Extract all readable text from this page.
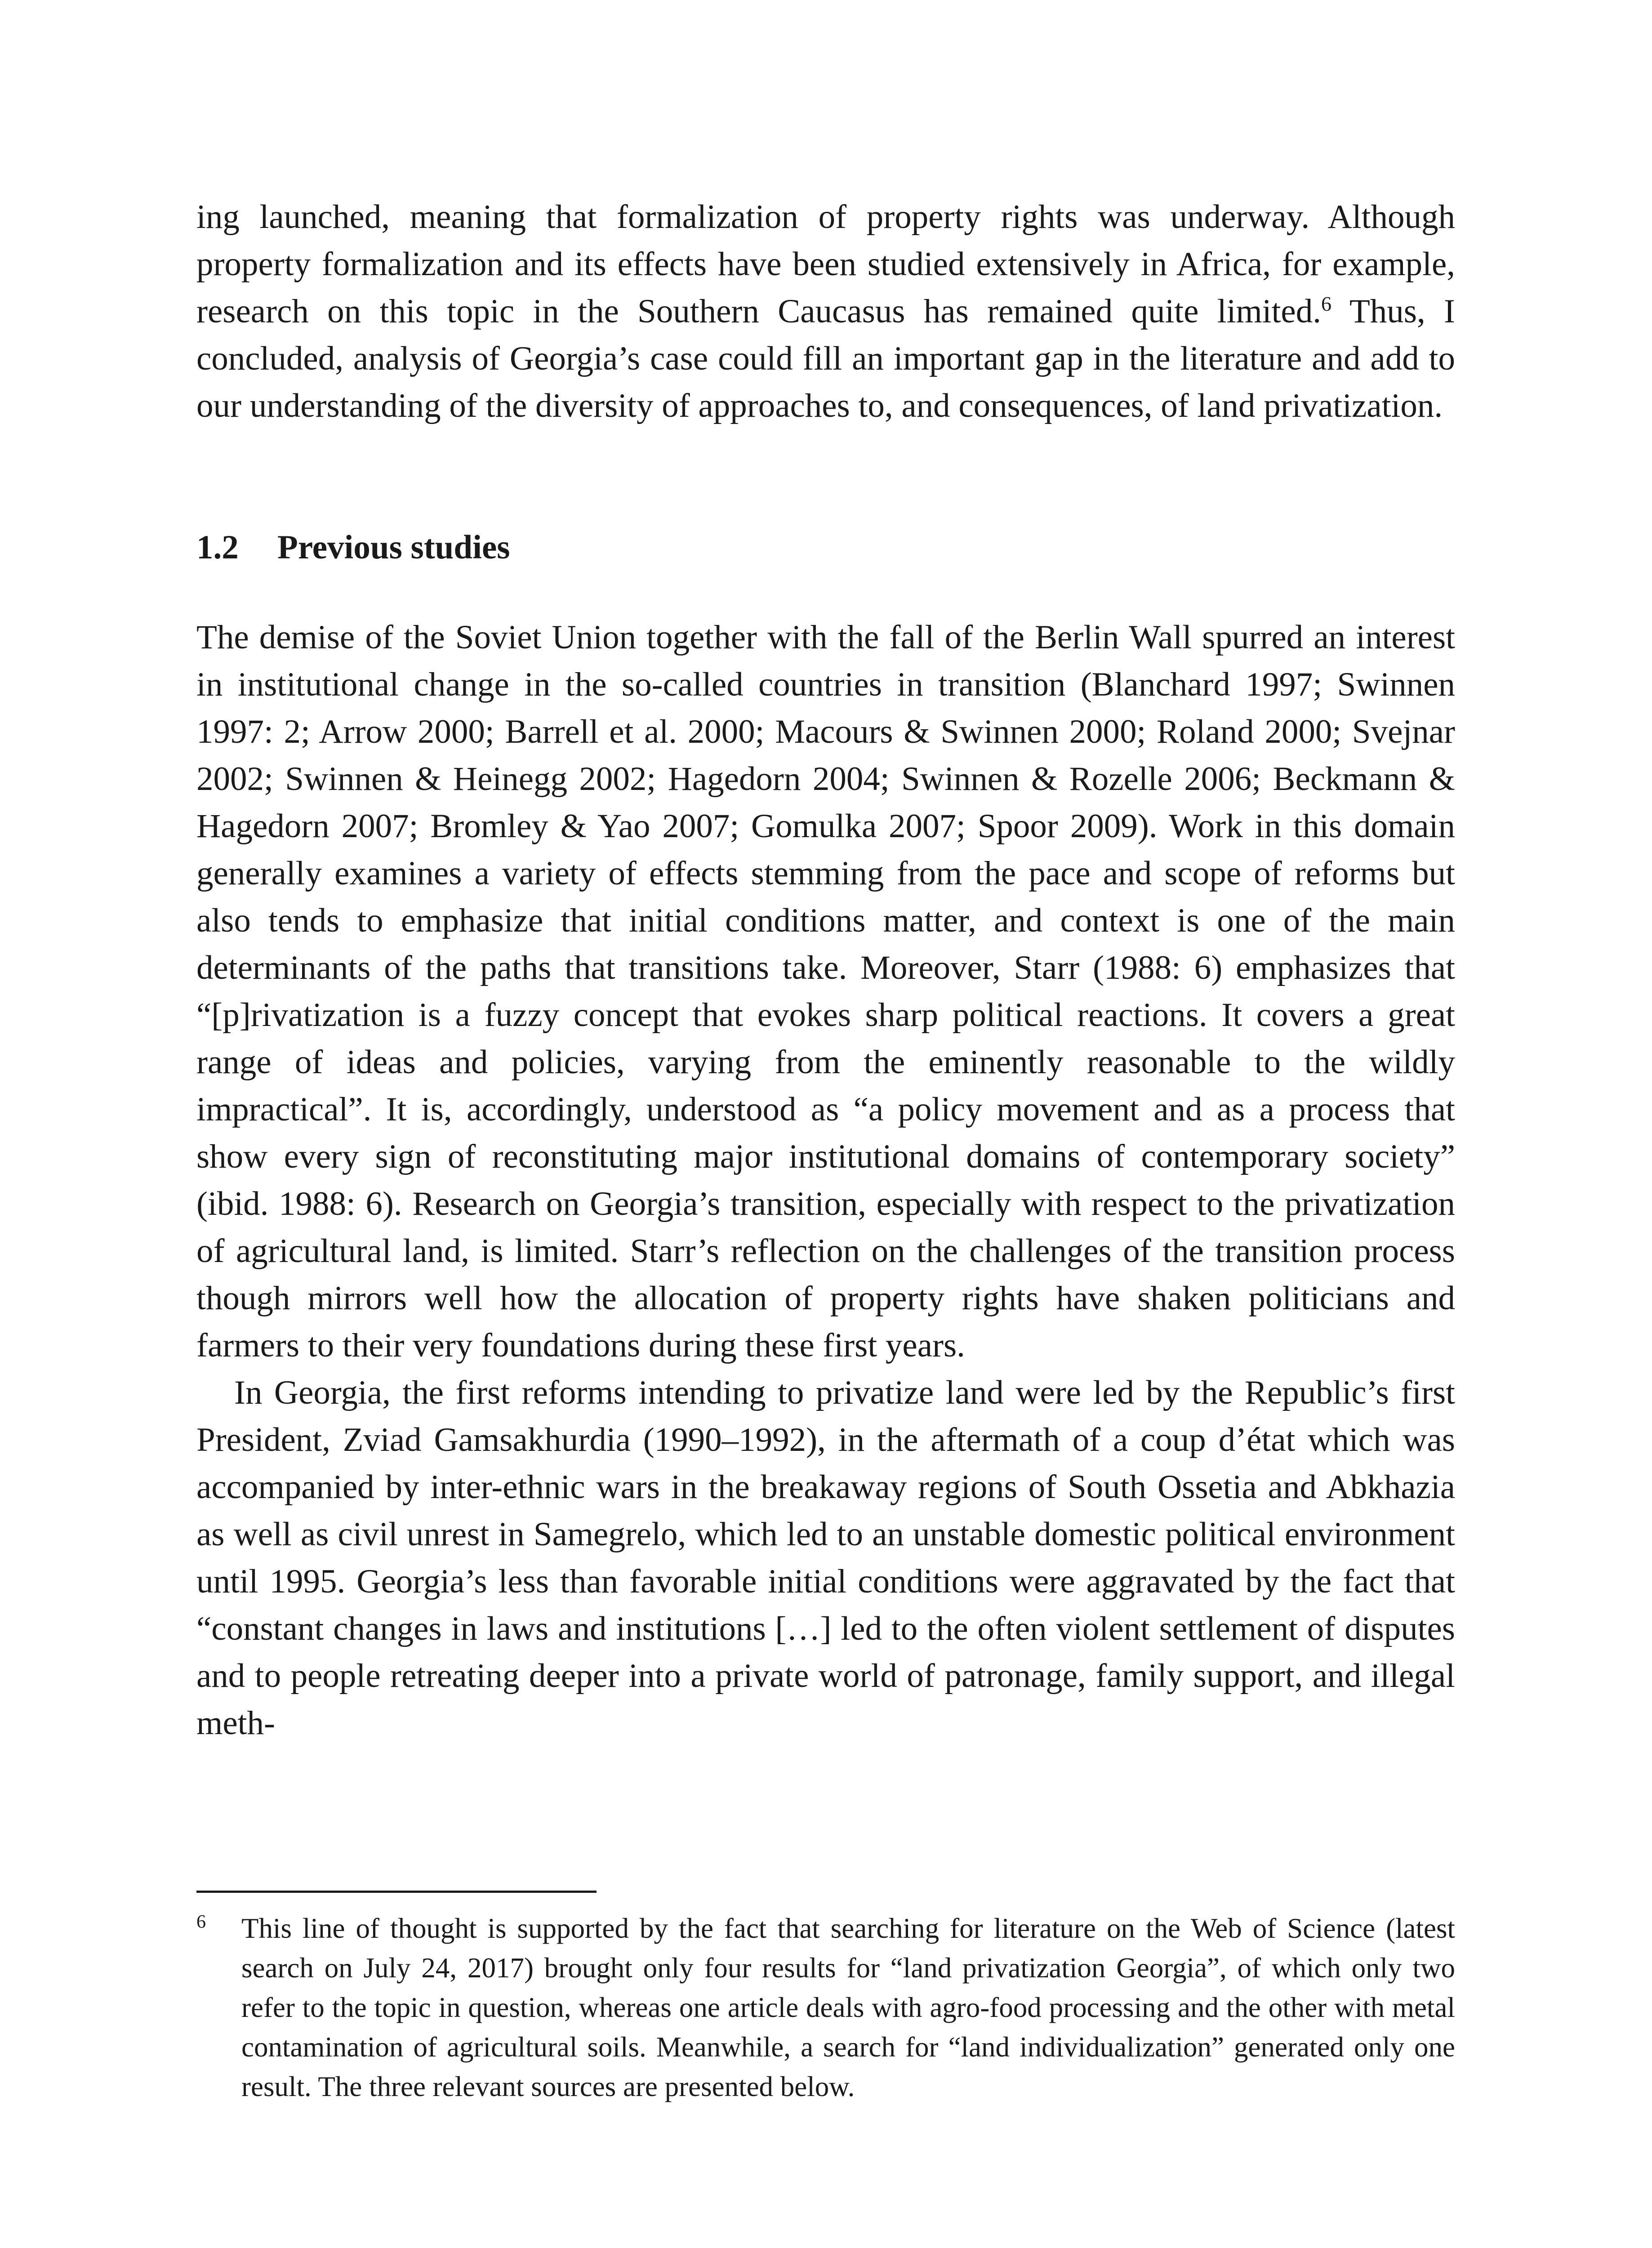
ing launched, meaning that formalization of property rights was underway. Although property formalization and its effects have been studied extensively in Africa, for example, research on this topic in the Southern Caucasus has remained quite limited.$^6$ Thus, I concluded, analysis of Georgia’s case could fill an important gap in the literature and add to our understanding of the diversity of approaches to, and consequences, of land privatization.

1.2 Previous studies

The demise of the Soviet Union together with the fall of the Berlin Wall spurred an interest in institutional change in the so-called countries in transition (Blanchard 1997; Swinnen 1997: 2; Arrow 2000; Barrell et al. 2000; Macours & Swinnen 2000; Roland 2000; Svejnar 2002; Swinnen & Heinegg 2002; Hagedorn 2004; Swinnen & Rozelle 2006; Beckmann & Hagedorn 2007; Bromley & Yao 2007; Gomulka 2007; Spoor 2009). Work in this domain generally examines a variety of effects stemming from the pace and scope of reforms but also tends to emphasize that initial conditions matter, and context is one of the main determinants of the paths that transitions take. Moreover, Starr (1988: 6) emphasizes that “[p]rivatization is a fuzzy concept that evokes sharp political reactions. It covers a great range of ideas and policies, varying from the eminently reasonable to the wildly impractical”. It is, accordingly, understood as “a policy movement and as a process that show every sign of reconstituting major institutional domains of contemporary society” (ibid. 1988: 6). Research on Georgia’s transition, especially with respect to the privatization of agricultural land, is limited. Starr’s reflection on the challenges of the transition process though mirrors well how the allocation of property rights have shaken politicians and farmers to their very foundations during these first years.

In Georgia, the first reforms intending to privatize land were led by the Republic’s first President, Zviad Gamsakhurdia (1990–1992), in the aftermath of a coup d’état which was accompanied by inter-ethnic wars in the breakaway regions of South Ossetia and Abkhazia as well as civil unrest in Samegrelo, which led to an unstable domestic political environment until 1995. Georgia’s less than favorable initial conditions were aggravated by the fact that “constant changes in laws and institutions […] led to the often violent settlement of disputes and to people retreating deeper into a private world of patronage, family support, and illegal meth-

6 This line of thought is supported by the fact that searching for literature on the Web of Science (latest search on July 24, 2017) brought only four results for “land privatization Georgia”, of which only two refer to the topic in question, whereas one article deals with agro-food processing and the other with metal contamination of agricultural soils. Meanwhile, a search for “land individualization” generated only one result. The three relevant sources are presented below.
